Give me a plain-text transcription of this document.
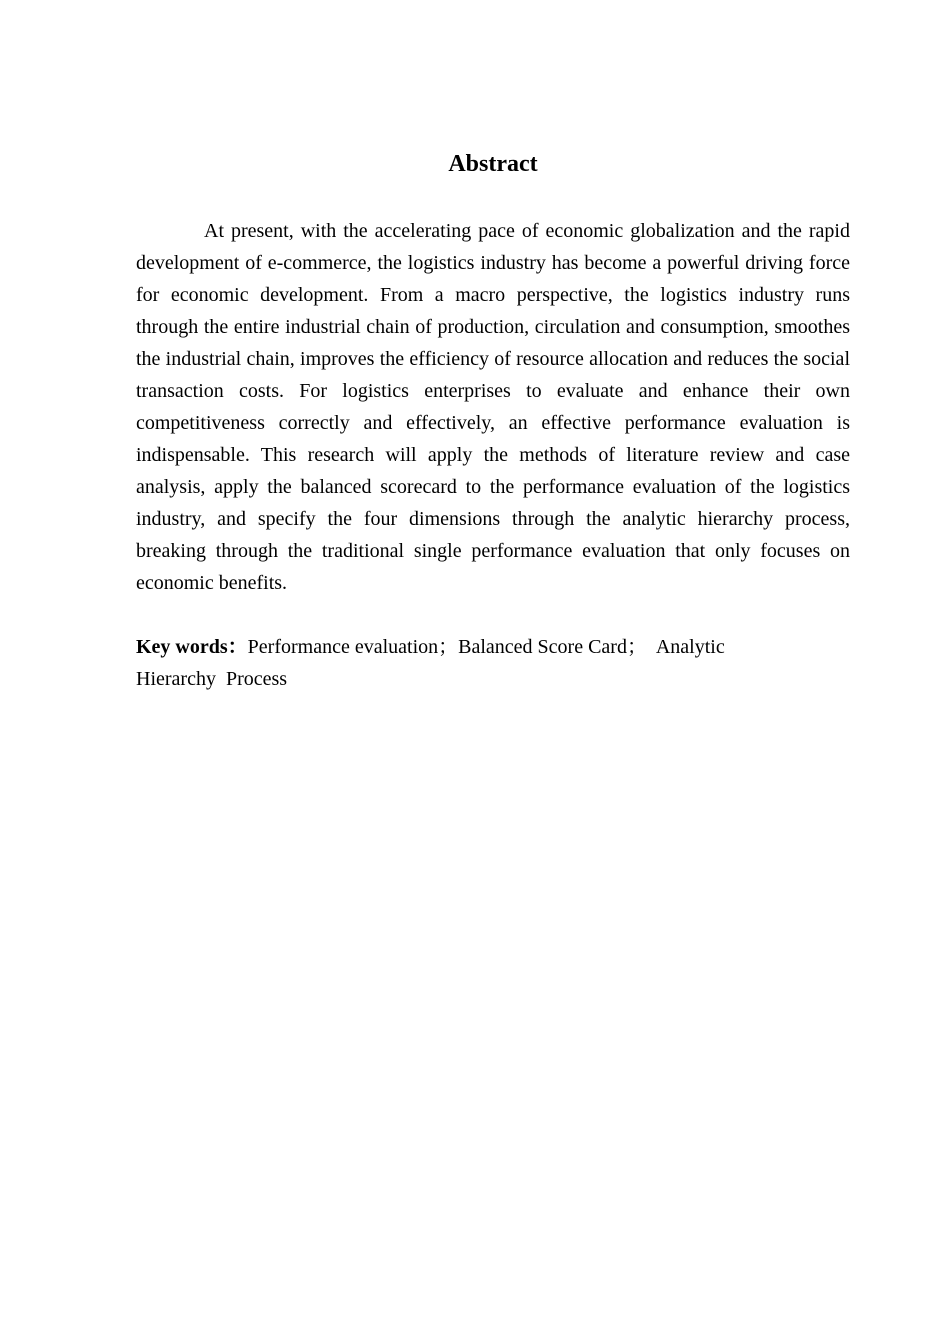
Abstract

At present, with the accelerating pace of economic globalization and the rapid development of e-commerce, the logistics industry has become a powerful driving force for economic development. From a macro perspective, the logistics industry runs through the entire industrial chain of production, circulation and consumption, smoothes the industrial chain, improves the efficiency of resource allocation and reduces the social transaction costs. For logistics enterprises to evaluate and enhance their own competitiveness correctly and effectively, an effective performance evaluation is indispensable. This research will apply the methods of literature review and case analysis, apply the balanced scorecard to the performance evaluation of the logistics industry, and specify the four dimensions through the analytic hierarchy process, breaking through the traditional single performance evaluation that only focuses on economic benefits.

Key words：Performance evaluation；Balanced Score Card；  Analytic Hierarchy  Process
